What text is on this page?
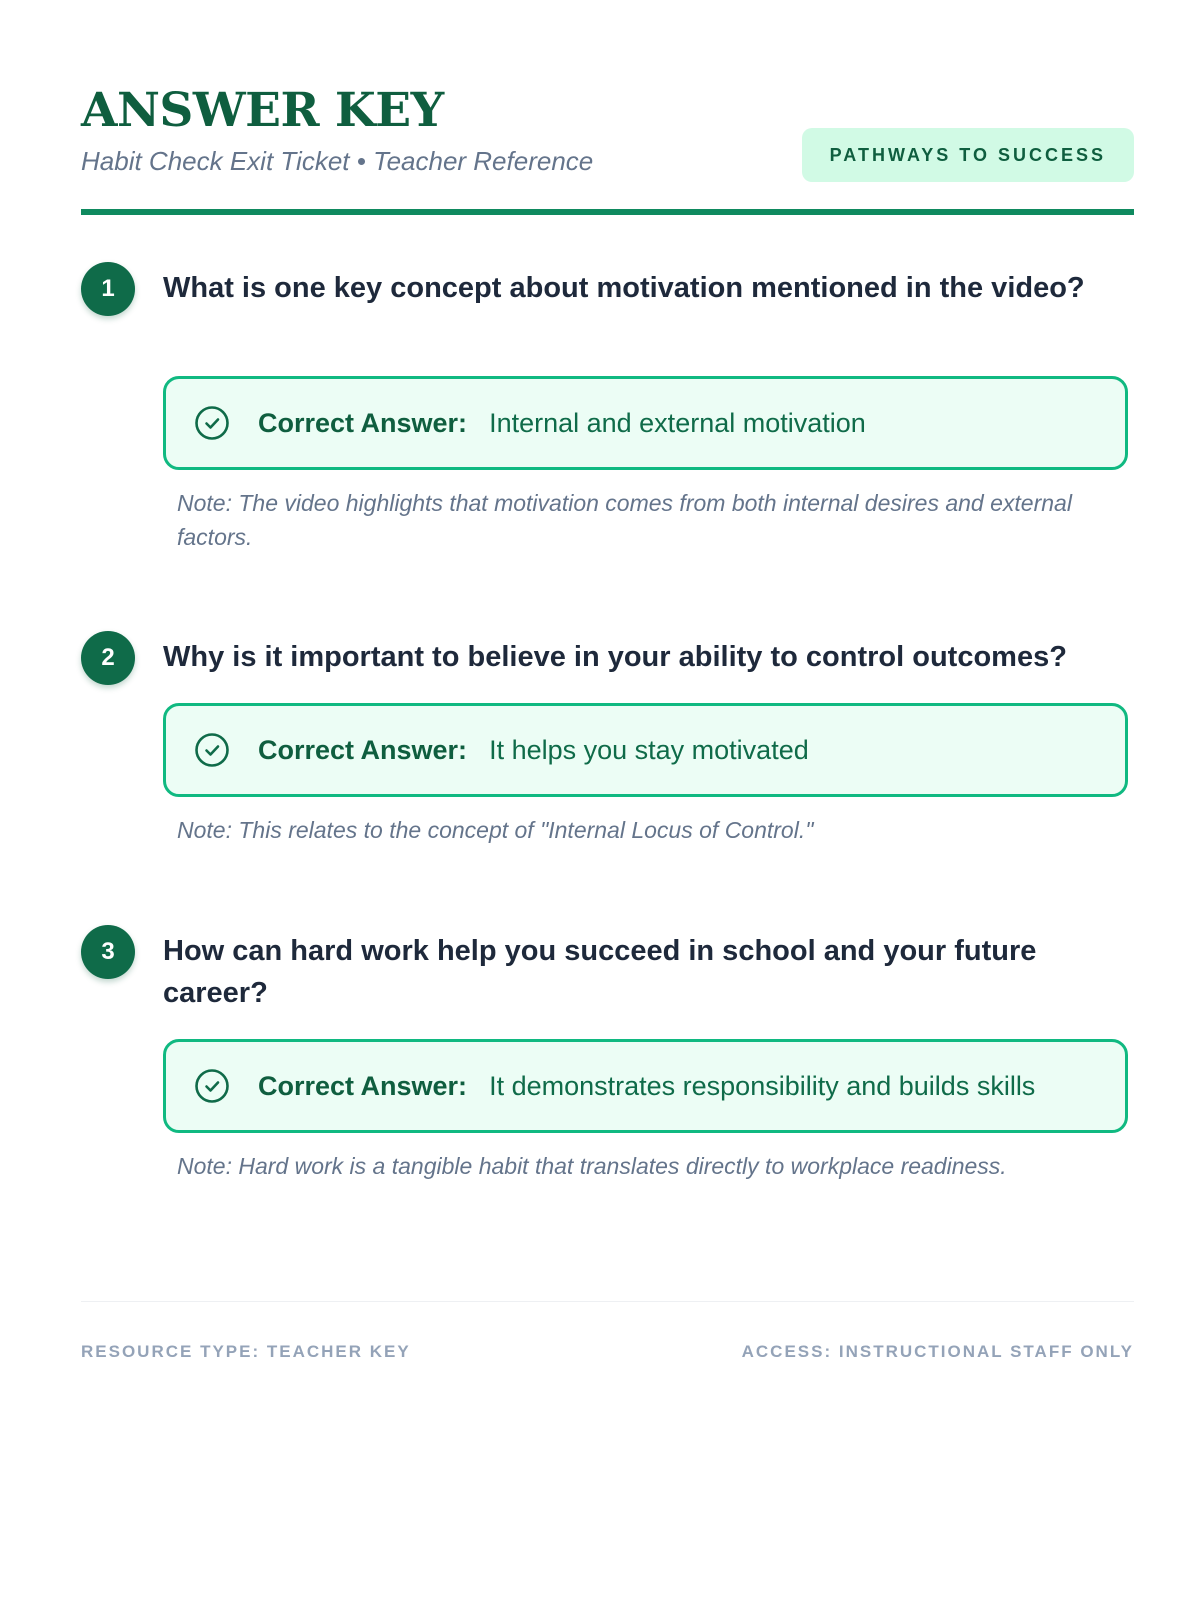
ANSWER KEY
Habit Check Exit Ticket • Teacher Reference	PATHWAYS TO SUCCESS
1	What is one key concept about motivation mentioned in the video?
Correct Answer: Internal and external motivation
Note: The video highlights that motivation comes from both internal desires and external factors.
2	Why is it important to believe in your ability to control outcomes?
Correct Answer: It helps you stay motivated
Note: This relates to the concept of "Internal Locus of Control."
3	How can hard work help you succeed in school and your future career?
Correct Answer: It demonstrates responsibility and builds skills
Note: Hard work is a tangible habit that translates directly to workplace readiness.
RESOURCE TYPE: TEACHER KEY	ACCESS: INSTRUCTIONAL STAFF ONLY
